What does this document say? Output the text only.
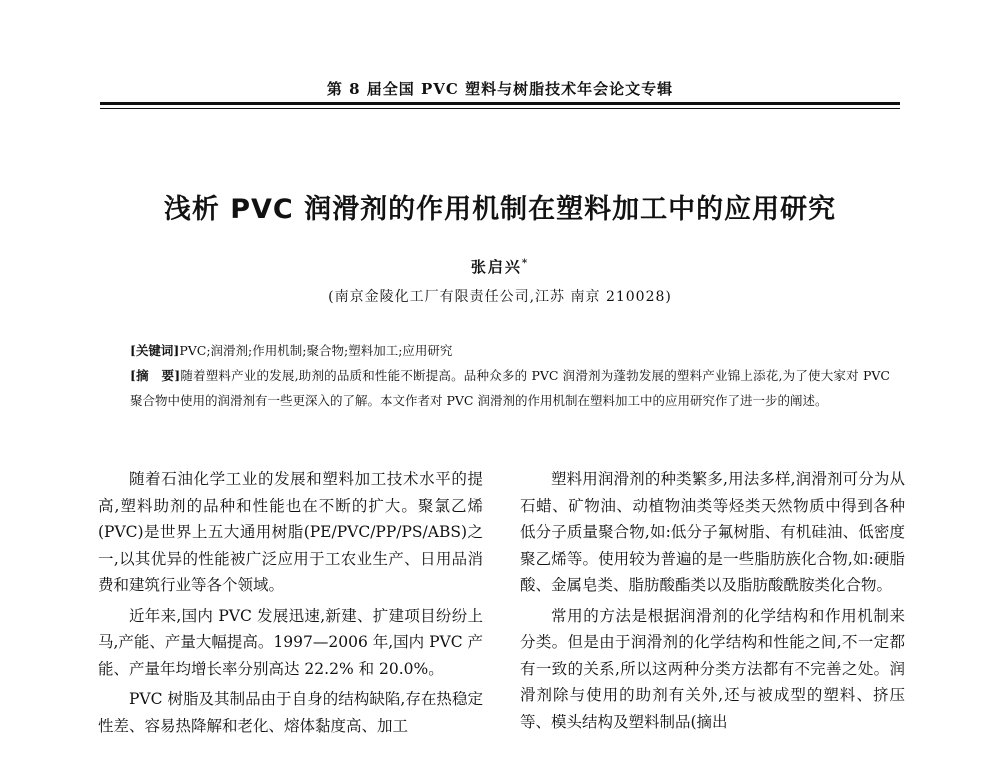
第 8 届全国 PVC 塑料与树脂技术年会论文专辑
浅析 PVC 润滑剂的作用机制在塑料加工中的应用研究
张启兴*
(南京金陵化工厂有限责任公司,江苏 南京 210028)

[关键词]PVC;润滑剂;作用机制;聚合物;塑料加工;应用研究

[摘　要]随着塑料产业的发展,助剂的品质和性能不断提高。品种众多的 PVC 润滑剂为蓬勃发展的塑料产业锦上添花,为了使大家对 PVC 聚合物中使用的润滑剂有一些更深入的了解。本文作者对 PVC 润滑剂的作用机制在塑料加工中的应用研究作了进一步的阐述。

随着石油化学工业的发展和塑料加工技术水平的提高,塑料助剂的品种和性能也在不断的扩大。聚氯乙烯(PVC)是世界上五大通用树脂(PE/PVC/PP/PS/ABS)之一,以其优异的性能被广泛应用于工农业生产、日用品消费和建筑行业等各个领域。

近年来,国内 PVC 发展迅速,新建、扩建项目纷纷上马,产能、产量大幅提高。1997—2006 年,国内 PVC 产能、产量年均增长率分别高达 22.2% 和 20.0%。

PVC 树脂及其制品由于自身的结构缺陷,存在热稳定性差、容易热降解和老化、熔体黏度高、加工

塑料用润滑剂的种类繁多,用法多样,润滑剂可分为从石蜡、矿物油、动植物油类等烃类天然物质中得到各种低分子质量聚合物,如:低分子氟树脂、有机硅油、低密度聚乙烯等。使用较为普遍的是一些脂肪族化合物,如:硬脂酸、金属皂类、脂肪酸酯类以及脂肪酸酰胺类化合物。

常用的方法是根据润滑剂的化学结构和作用机制来分类。但是由于润滑剂的化学结构和性能之间,不一定都有一致的关系,所以这两种分类方法都有不完善之处。润滑剂除与使用的助剂有关外,还与被成型的塑料、挤压等、模头结构及塑料制品(摘出
